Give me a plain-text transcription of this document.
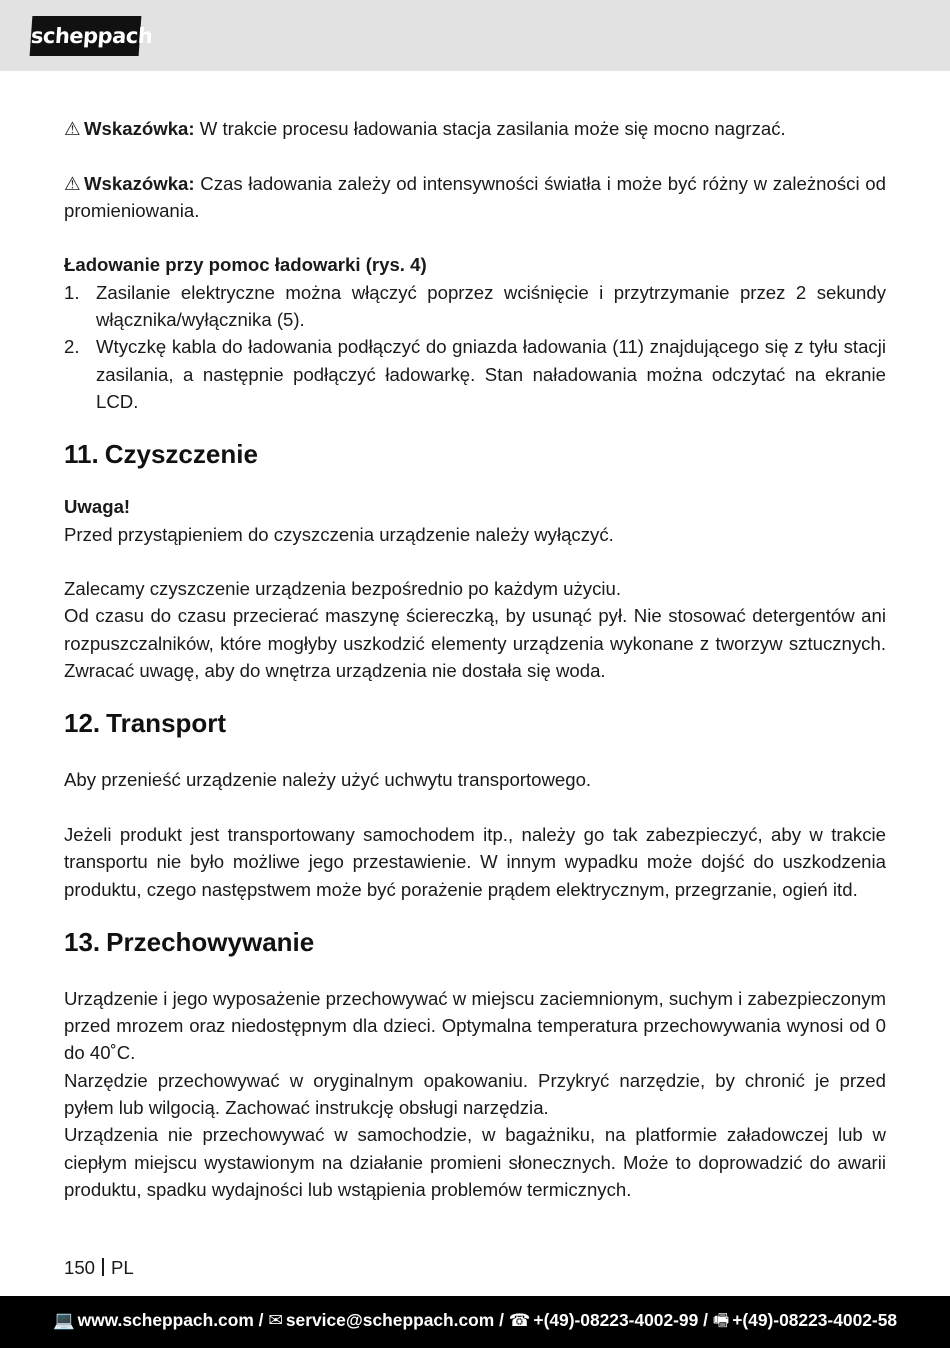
scheppach

⚠ Wskazówka: W trakcie procesu ładowania stacja zasilania może się mocno nagrzać.

⚠ Wskazówka: Czas ładowania zależy od intensywności światła i może być różny w zależności od promieniowania.

Ładowanie przy pomoc ładowarki (rys. 4)

1. Zasilanie elektryczne można włączyć poprzez wciśnięcie i przytrzymanie przez 2 sekundy włącznika/wyłącznika (5).
2. Wtyczkę kabla do ładowania podłączyć do gniazda ładowania (11) znajdującego się z tyłu stacji zasilania, a następnie podłączyć ładowarkę. Stan naładowania można odczytać na ekranie LCD.
11. Czyszczenie

Uwaga!

Przed przystąpieniem do czyszczenia urządzenie należy wyłączyć.

Zalecamy czyszczenie urządzenia bezpośrednio po każdym użyciu.

Od czasu do czasu przecierać maszynę ściereczką, by usunąć pył. Nie stosować detergentów ani rozpuszczalników, które mogłyby uszkodzić elementy urządzenia wykonane z tworzyw sztucznych. Zwracać uwagę, aby do wnętrza urządzenia nie dostała się woda.

12. Transport

Aby przenieść urządzenie należy użyć uchwytu transportowego.

Jeżeli produkt jest transportowany samochodem itp., należy go tak zabezpieczyć, aby w trakcie transportu nie było możliwe jego przestawienie. W innym wypadku może dojść do uszkodzenia produktu, czego następstwem może być porażenie prądem elektrycznym, przegrzanie, ogień itd.

13. Przechowywanie

Urządzenie i jego wyposażenie przechowywać w miejscu zaciemnionym, suchym i zabezpieczonym przed mrozem oraz niedostępnym dla dzieci. Optymalna temperatura przechowywania wynosi od 0 do 40˚C.

Narzędzie przechowywać w oryginalnym opakowaniu. Przykryć narzędzie, by chronić je przed pyłem lub wilgocią. Zachować instrukcję obsługi narzędzia.

Urządzenia nie przechowywać w samochodzie, w bagażniku, na platformie załadowczej lub w ciepłym miejscu wystawionym na działanie promieni słonecznych. Może to doprowadzić do awarii produktu, spadku wydajności lub wstąpienia problemów termicznych.

150 PL
💻 www.scheppach.com / ✉ service@scheppach.com / ☎ +(49)-08223-4002-99 / 🖷 +(49)-08223-4002-58
